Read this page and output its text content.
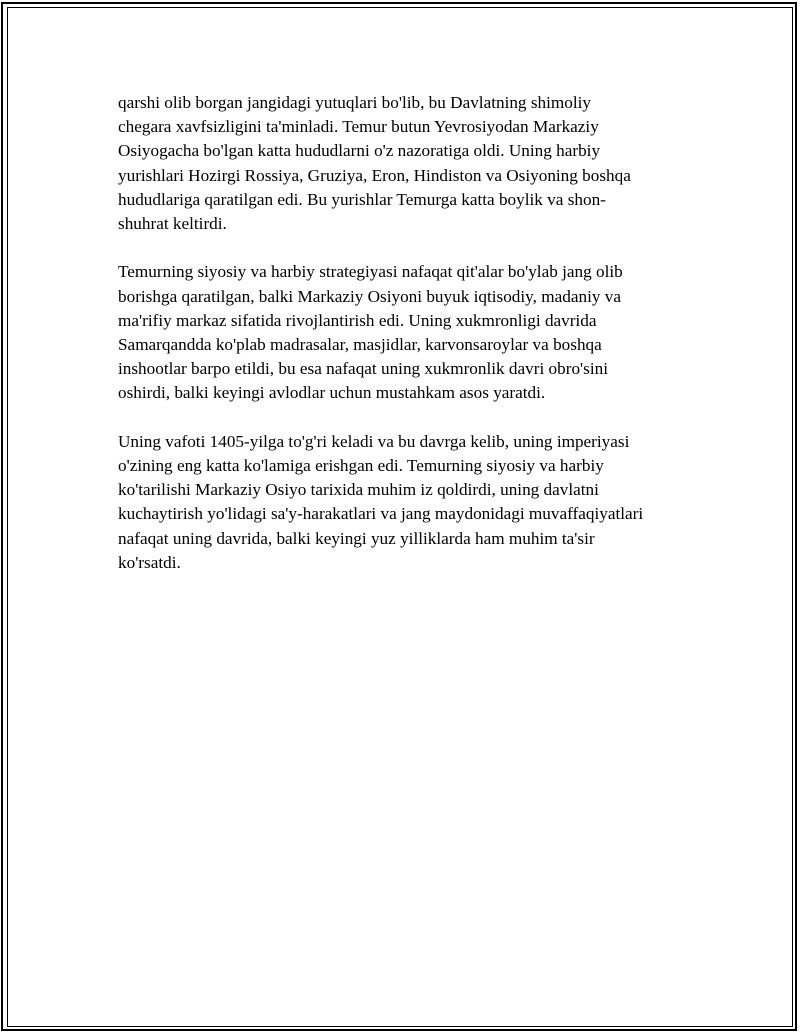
qarshi olib borgan jangidagi yutuqlari bo'lib, bu Davlatning shimoliy
chegara xavfsizligini ta'minladi. Temur butun Yevrosiyodan Markaziy
Osiyogacha bo'lgan katta hududlarni o'z nazoratiga oldi. Uning harbiy
yurishlari Hozirgi Rossiya, Gruziya, Eron, Hindiston va Osiyoning boshqa
hududlariga qaratilgan edi. Bu yurishlar Temurga katta boylik va shon-
shuhrat keltirdi.

Temurning siyosiy va harbiy strategiyasi nafaqat qit'alar bo'ylab jang olib
borishga qaratilgan, balki Markaziy Osiyoni buyuk iqtisodiy, madaniy va
ma'rifiy markaz sifatida rivojlantirish edi. Uning xukmronligi davrida
Samarqandda ko'plab madrasalar, masjidlar, karvonsaroylar va boshqa
inshootlar barpo etildi, bu esa nafaqat uning xukmronlik davri obro'sini
oshirdi, balki keyingi avlodlar uchun mustahkam asos yaratdi.

Uning vafoti 1405-yilga to'g'ri keladi va bu davrga kelib, uning imperiyasi
o'zining eng katta ko'lamiga erishgan edi. Temurning siyosiy va harbiy
ko'tarilishi Markaziy Osiyo tarixida muhim iz qoldirdi, uning davlatni
kuchaytirish yo'lidagi sa'y-harakatlari va jang maydonidagi muvaffaqiyatlari
nafaqat uning davrida, balki keyingi yuz yilliklarda ham muhim ta'sir
ko'rsatdi.
